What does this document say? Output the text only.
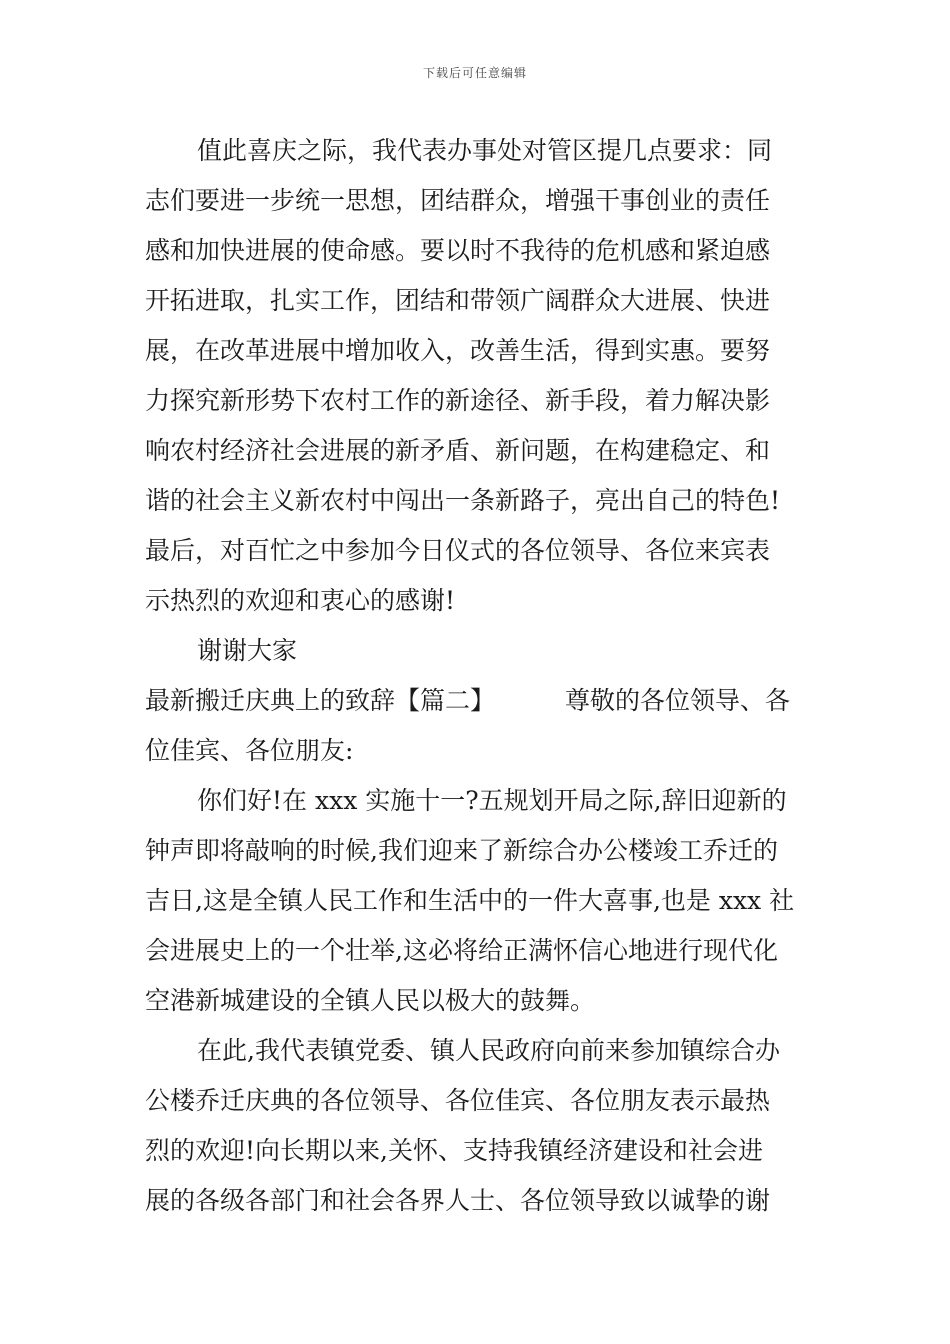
下载后可任意编辑
值此喜庆之际，我代表办事处对管区提几点要求：同
志们要进一步统一思想，团结群众，增强干事创业的责任
感和加快进展的使命感。要以时不我待的危机感和紧迫感
开拓进取，扎实工作，团结和带领广阔群众大进展、快进
展，在改革进展中增加收入，改善生活，得到实惠。要努
力探究新形势下农村工作的新途径、新手段，着力解决影
响农村经济社会进展的新矛盾、新问题，在构建稳定、和
谐的社会主义新农村中闯出一条新路子，亮出自己的特色!
最后，对百忙之中参加今日仪式的各位领导、各位来宾表
示热烈的欢迎和衷心的感谢!
谢谢大家
最新搬迁庆典上的致辞【篇二】	尊敬的各位领导、各
位佳宾、各位朋友:
你们好!在 xxx 实施十一?五规划开局之际,辞旧迎新的
钟声即将敲响的时候,我们迎来了新综合办公楼竣工乔迁的
吉日,这是全镇人民工作和生活中的一件大喜事,也是 xxx 社
会进展史上的一个壮举,这必将给正满怀信心地进行现代化
空港新城建设的全镇人民以极大的鼓舞。
在此,我代表镇党委、镇人民政府向前来参加镇综合办
公楼乔迁庆典的各位领导、各位佳宾、各位朋友表示最热
烈的欢迎!向长期以来,关怀、支持我镇经济建设和社会进
展的各级各部门和社会各界人士、各位领导致以诚挚的谢
